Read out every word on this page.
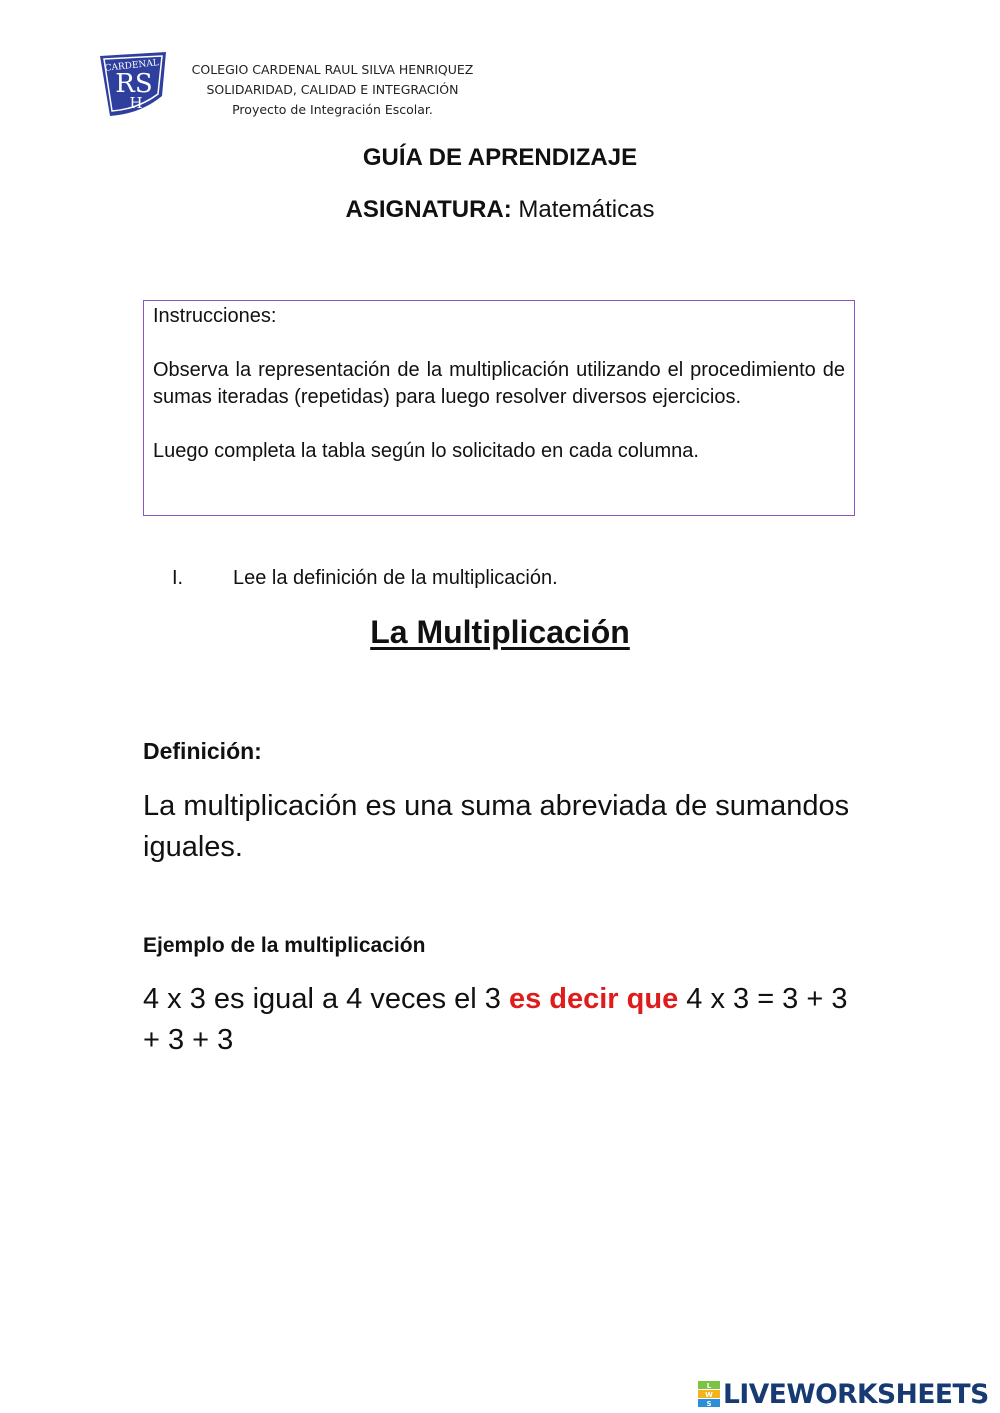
CARDENAL
RS
H
COLEGIO CARDENAL RAUL SILVA HENRIQUEZ
SOLIDARIDAD, CALIDAD E INTEGRACIÓN
Proyecto de Integración Escolar.
GUÍA DE APRENDIZAJE
ASIGNATURA: Matemáticas

Instrucciones:

Observa la representación de la multiplicación utilizando el procedimiento de sumas iteradas (repetidas) para luego resolver diversos ejercicios.

Luego completa la tabla según lo solicitado en cada columna.

I. Lee la definición de la multiplicación.
La Multiplicación
Definición:
La multiplicación es una suma abreviada de sumandos iguales.
Ejemplo de la multiplicación
4 x 3 es igual a 4 veces el 3 es decir que 4 x 3 = 3 + 3 + 3 + 3
L
W
S LIVEWORKSHEETS
